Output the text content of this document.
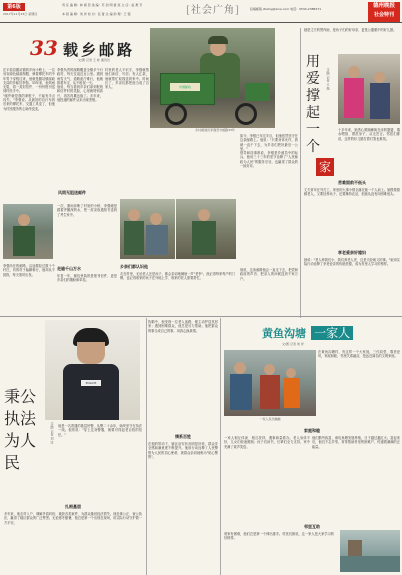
第6版
2017年11月23日 星期四
责 任 编 辑：林 颖 哲 美 编：苏 剑 明 值 班 主 任：赵 惠 芳
本 版 编 辑：刘 洋 校 对：张 蕾 总 编 助 理：王 强	[社会广角]	投稿邮箱 zbshqj@sina.com 电话：0534-2388271	德州晚报
社会特刊
33 载乡邮路
文/图 记者 王 彬 通讯员
中国邮政
乡村邮递员李强坚守邮路33年
在平原县腰站镇的乡间小路上，一位身穿绿色邮政制服、骑着摩托车的中年男子穿梭往来，他就是腰站镇邮政支局的乡邮员李强。33年来，他风雨无阻，将一封封信件、一份份报刊送到村民手中。
"邮件就是我的命根子，不能有半点闪失。"李强说。从最初的自行车到后来的摩托车，交通工具变了，但他为村民服务的心始终没变。
李强负责的邮路覆盖全镇多个行政村，每天往返近百公里。遇到雨雪天气，道路泥泞难行，他就推着车走，从不耽误一天。
他说，每当看到乡亲们拿到报纸和信件时的笑脸，心里就特别高兴，再苦再累也值了。多年来，他投递的邮件从未出现差错。
村里的老人不识字，李强就帮他们读信、写信；有人汇款，他就帮忙取钱送到家中。时间长了，乡亲们都把他当成了自家人。
风雨无阻送邮件
一次，暴雨冲断了村里的小桥，李强硬是蹚着齐腰深的水，把一封录取通知书送到了考生家中。
如今，李强已年过半百，但他依然坚守在这条邮路上。他说："只要身体允许，我就一直干下去，为乡亲们把好最后一公里。"
领导和同事都说，李强是乡邮员中的标兵，他用三十三年的坚守诠释了"人民邮政为人民"的服务宗旨，也赢得了群众的一致好评。
走遍千山万水
李强所在的邮路，沿途要经过数十个村庄，有的村子偏僻难行，他却从不挑拣，每天准时出发。	年复一年，邮包里装的是报刊信件，更是乡亲们的期盼和牵挂。
乡亲们都认识他
走在村里，无论老人还是孩子，都会亲切地喊他一声"老李"。他记得每家每户的门牌，也记得谁家的孩子在外地上学、谁家的老人需要帮忙。
他说，这条邮路他会一直走下去，把党和政府的声音、把亲人的问候送到千家万户。
她是丈夫的贤内助，是孩子们的好母亲，更是公婆眼中的好儿媳。
用
爱
撑
起
一
个
家
文/图 记者 王 强
十多年来，她悉心照顾瘫痪在床的婆婆，端水喂饭、擦洗身子，从无怨言。邻居们都说，这样的好儿媳打着灯笼也难找。
苦难面前不低头
丈夫常年在外打工，家里的大事小情全落在她一个人肩上。她既要照顾老人，又要抚养孩子，还要操持农活，但她从没有向困难低头。
孝老爱亲好媳妇
她说："老人养我们小，我们养老人老，这是天经地义的事。"她用实际行动诠释了孝老爱亲的传统美德，成为村里人学习的榜样。
POLICE
秉公执法为人民
文/图 记者 刘 洋 他是一名普通的基层民警，从警二十余年，始终坚守在执法一线。他常说："穿上这身警服，就要对得起老百姓的信任。"
扎根基层
多年来，他走村入户，调解矛盾纠纷，破获各类案件，为群众挽回经济损失。他处事公正、秉公执法，赢得了辖区群众的广泛赞誉。无论寒冬酷暑，他总是第一个出现在现场，用实际行动守护着一方平安。
执勤中，他发现一位老人迷路，便主动护送其回家；遇到困难群众，他总是尽力帮助。他把群众的事当成自己的事，用真心换真情。
情系百姓
在他的带动下，辖区治安状况明显好转，群众安全感和满意度不断提升。他用行动诠释了人民警察为人民的初心使命，被群众亲切地称为"贴心警察"。
黄鱼沟塘 一家人
文/图 记者 刘 洋
一家人其乐融融
在黄鱼沟塘村，有这样一个大家庭，三代同堂，尊老爱幼，家庭和睦，邻里关系融洽，是远近闻名的文明家庭。
家庭和睦
一家人相互体谅、相互扶持，遇事商量着办。老人身体不好，儿女们轮流照顾；孩子们读书，长辈们全力支持，家中充满了欢声笑语。
他们勤劳致富，承包鱼塘发展养殖，日子越过越红火。富起来后，他们不忘乡邻，常常帮助村里的困难户，传递着满满的正能量。
邻里互助
谁家有困难，他们总是第一个伸出援手。村民们都说，这一家人是大家学习的好榜样。
